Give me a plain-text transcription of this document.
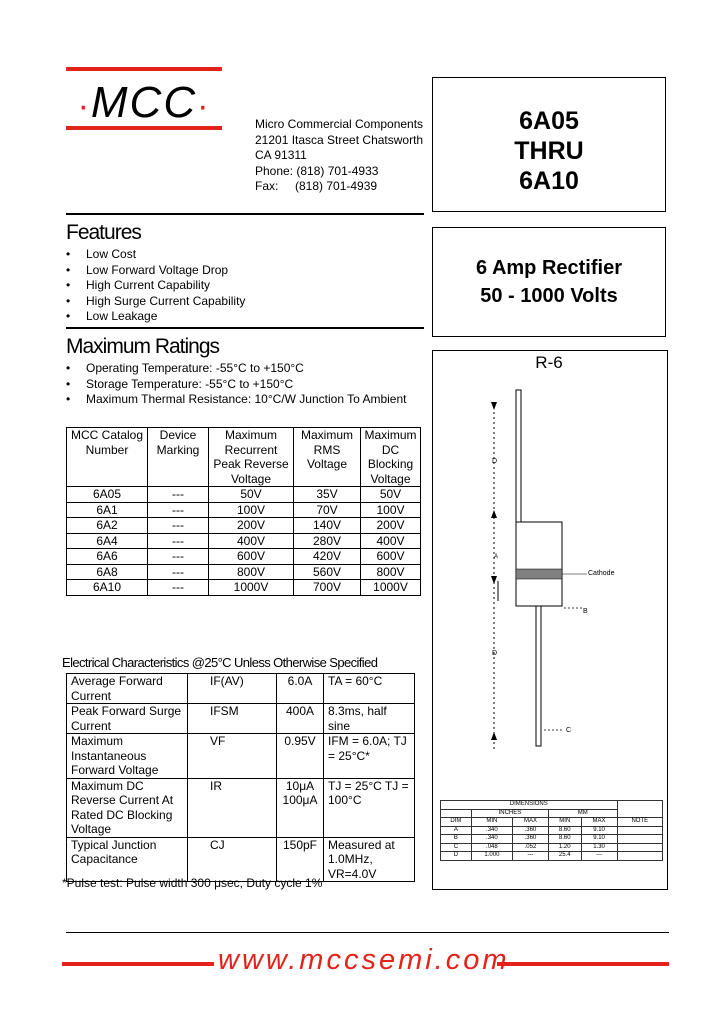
·MCC·	Micro Commercial Components
21201 Itasca Street Chatsworth
CA 91311
Phone: (818) 701-4933
Fax:     (818) 701-4939
6A05
THRU
6A10
6 Amp Rectifier
50 - 1000 Volts
Features
• Low Cost
• Low Forward Voltage Drop
• High Current Capability
• High Surge Current Capability
• Low Leakage
Maximum Ratings
• Operating Temperature: -55°C to +150°C
• Storage Temperature: -55°C to +150°C
• Maximum Thermal Resistance: 10°C/W Junction To Ambient
MCC Catalog Number	Device Marking	Maximum Recurrent Peak Reverse Voltage	Maximum RMS Voltage	Maximum DC Blocking Voltage
6A05	---	50V	35V	50V
6A1	---	100V	70V	100V
6A2	---	200V	140V	200V
6A4	---	400V	280V	400V
6A6	---	600V	420V	600V
6A8	---	800V	560V	800V
6A10	---	1000V	700V	1000V
Electrical Characteristics @25°C Unless Otherwise Specified
Average Forward Current	IF(AV)	6.0A	TA = 60°C
Peak Forward Surge Current	IFSM	400A	8.3ms, half sine
Maximum Instantaneous Forward Voltage	VF	0.95V	IFM = 6.0A; TJ = 25°C*
Maximum DC Reverse Current At Rated DC Blocking Voltage	IR	10μA 100μA	TJ = 25°C TJ = 100°C
Typical Junction Capacitance	CJ	150pF	Measured at 1.0MHz, VR=4.0V
*Pulse test: Pulse width 300 μsec, Duty cycle 1%
R-6
D
A
Cathode
B
D
C
DIMENSIONS					
	INCHES		MM		
DIM	MIN	MAX	MIN	MAX	NOTE
A	.340	.360	8.60	9.10	
B	.340	.360	8.60	9.10	
C	.048	.052	1.20	1.30	
D	1.000	---	25.4	---	
www.mccsemi.com
